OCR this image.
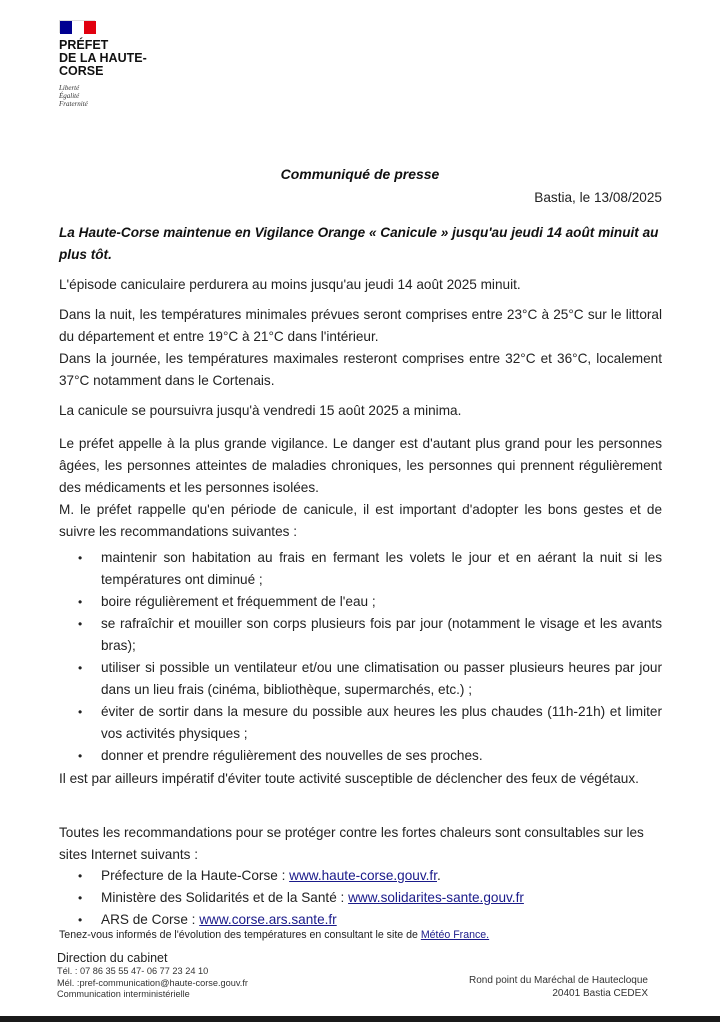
PRÉFET
DE LA HAUTE-
CORSE
Liberté
Égalité
Fraternité
Communiqué de presse
Bastia, le 13/08/2025
La Haute-Corse maintenue en Vigilance Orange « Canicule » jusqu'au jeudi 14 août minuit au plus tôt.
L'épisode caniculaire perdurera au moins jusqu'au jeudi 14 août 2025 minuit.
Dans la nuit, les températures minimales prévues seront comprises entre 23°C à 25°C sur le littoral du département et entre 19°C à 21°C dans l'intérieur.
Dans la journée, les températures maximales resteront comprises entre 32°C et 36°C, localement 37°C notamment dans le Cortenais.
La canicule se poursuivra jusqu'à vendredi 15 août 2025 a minima.
Le préfet appelle à la plus grande vigilance. Le danger est d'autant plus grand pour les personnes âgées, les personnes atteintes de maladies chroniques, les personnes qui prennent régulièrement des médicaments et les personnes isolées.
M. le préfet rappelle qu'en période de canicule, il est important d'adopter les bons gestes et de suivre les recommandations suivantes :
• maintenir son habitation au frais en fermant les volets le jour et en aérant la nuit si les températures ont diminué ;
• boire régulièrement et fréquemment de l'eau ;
• se rafraîchir et mouiller son corps plusieurs fois par jour (notamment le visage et les avants bras);
• utiliser si possible un ventilateur et/ou une climatisation ou passer plusieurs heures par jour dans un lieu frais (cinéma, bibliothèque, supermarchés, etc.) ;
• éviter de sortir dans la mesure du possible aux heures les plus chaudes (11h-21h) et limiter vos activités physiques ;
• donner et prendre régulièrement des nouvelles de ses proches.
Il est par ailleurs impératif d'éviter toute activité susceptible de déclencher des feux de végétaux.
Toutes les recommandations pour se protéger contre les fortes chaleurs sont consultables sur les sites Internet suivants :
• Préfecture de la Haute-Corse : www.haute-corse.gouv.fr.
• Ministère des Solidarités et de la Santé : www.solidarites-sante.gouv.fr
• ARS de Corse : www.corse.ars.sante.fr
Tenez-vous informés de l'évolution des températures en consultant le site de Météo France.
Direction du cabinet
Tél. : 07 86 35 55 47- 06 77 23 24 10
Mél. :pref-communication@haute-corse.gouv.fr
Communication interministérielle
Rond point du Maréchal de Hautecloque
20401 Bastia CEDEX
